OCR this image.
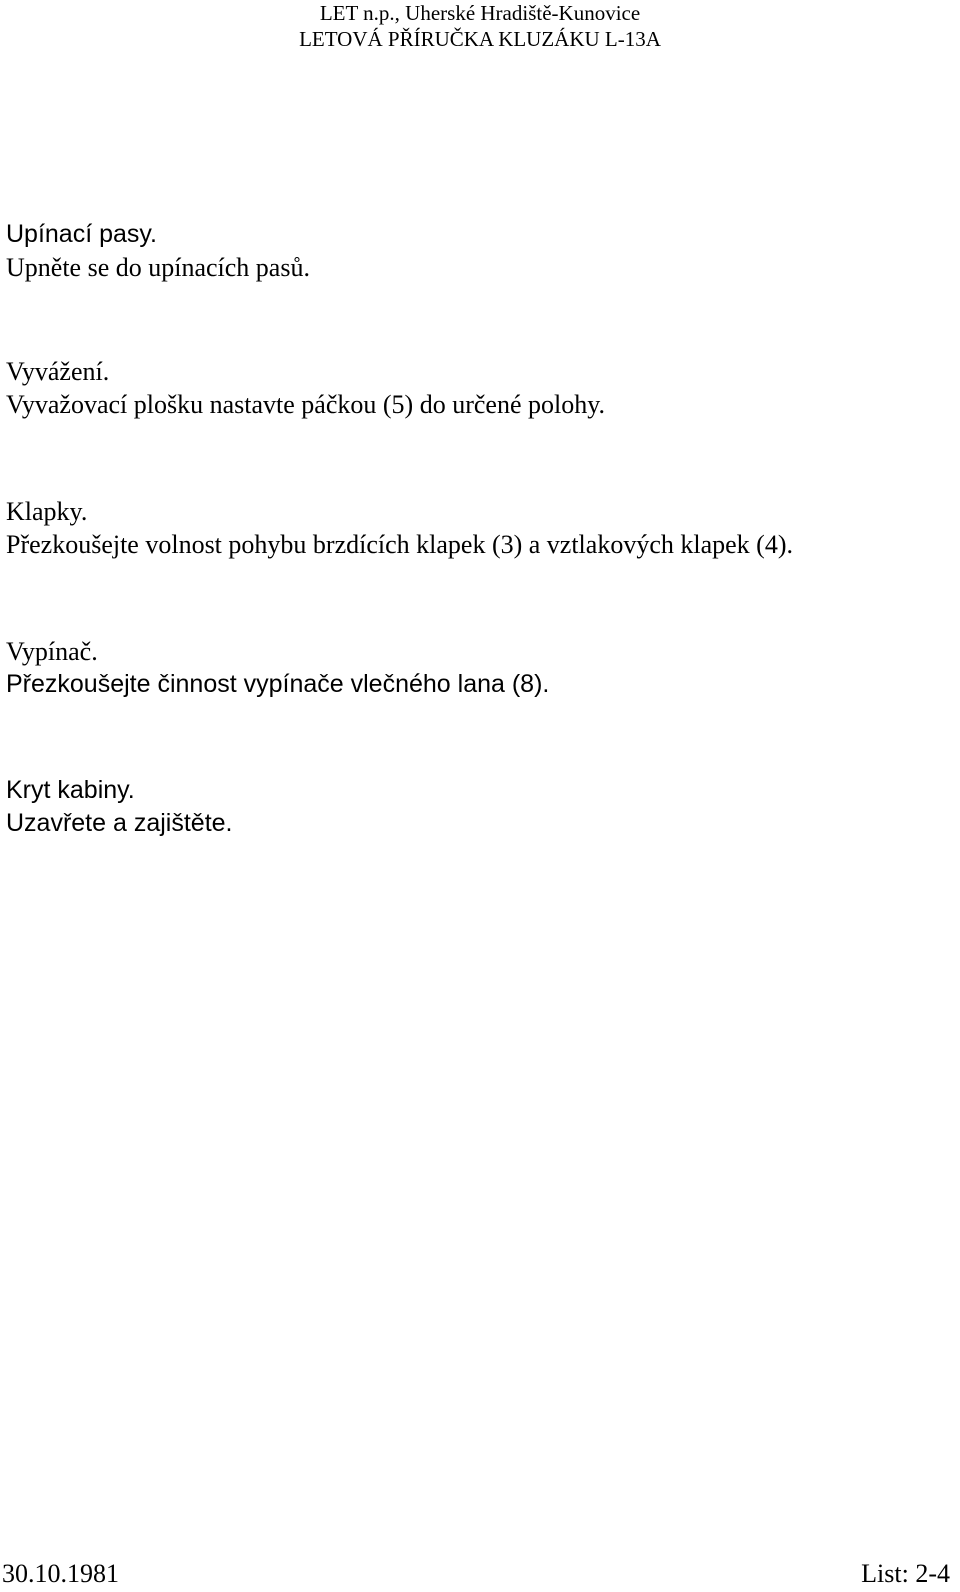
LET n.p., Uherské Hradiště-Kunovice
LETOVÁ PŘÍRUČKA KLUZÁKU L-13A
Upínací pasy.
Upněte se do upínacích pasů.
Vyvážení.
Vyvažovací plošku nastavte páčkou (5) do určené polohy.
Klapky.
Přezkoušejte volnost pohybu brzdících klapek (3) a vztlakových klapek (4).
Vypínač.
Přezkoušejte činnost vypínače vlečného lana (8).
Kryt kabiny.
Uzavřete a zajištěte.
30.10.1981	List: 2-4
